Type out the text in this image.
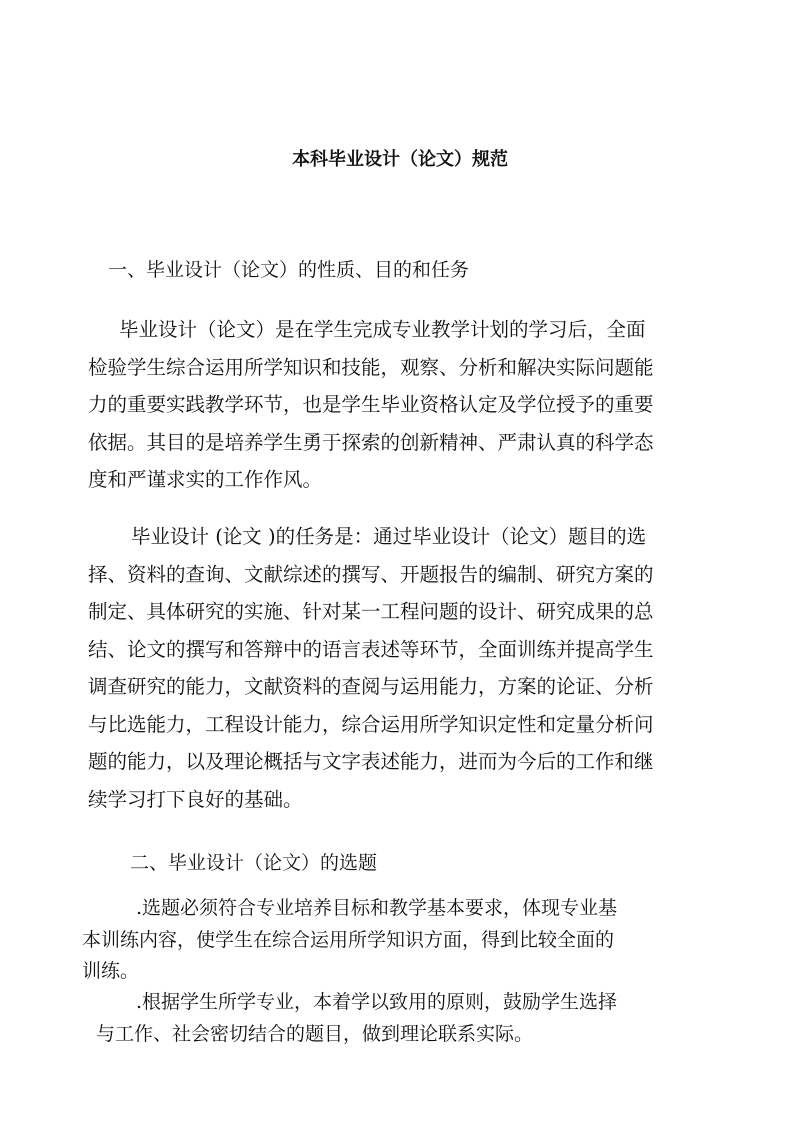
本科毕业设计（论文）规范
一、毕业设计（论文）的性质、目的和任务
毕业设计（论文）是在学生完成专业教学计划的学习后，全面
检验学生综合运用所学知识和技能，观察、分析和解决实际问题能
力的重要实践教学环节，也是学生毕业资格认定及学位授予的重要
依据。其目的是培养学生勇于探索的创新精神、严肃认真的科学态
度和严谨求实的工作作风。
毕业设计 (论文 )的任务是：通过毕业设计（论文）题目的选
择、资料的查询、文献综述的撰写、开题报告的编制、研究方案的
制定、具体研究的实施、针对某一工程问题的设计、研究成果的总
结、论文的撰写和答辩中的语言表述等环节，全面训练并提高学生
调查研究的能力，文献资料的查阅与运用能力，方案的论证、分析
与比选能力，工程设计能力，综合运用所学知识定性和定量分析问
题的能力，以及理论概括与文字表述能力，进而为今后的工作和继
续学习打下良好的基础。
二、毕业设计（论文）的选题
.选题必须符合专业培养目标和教学基本要求，体现专业基
本训练内容，使学生在综合运用所学知识方面，得到比较全面的
训练。
.根据学生所学专业，本着学以致用的原则，鼓励学生选择
与工作、社会密切结合的题目，做到理论联系实际。
